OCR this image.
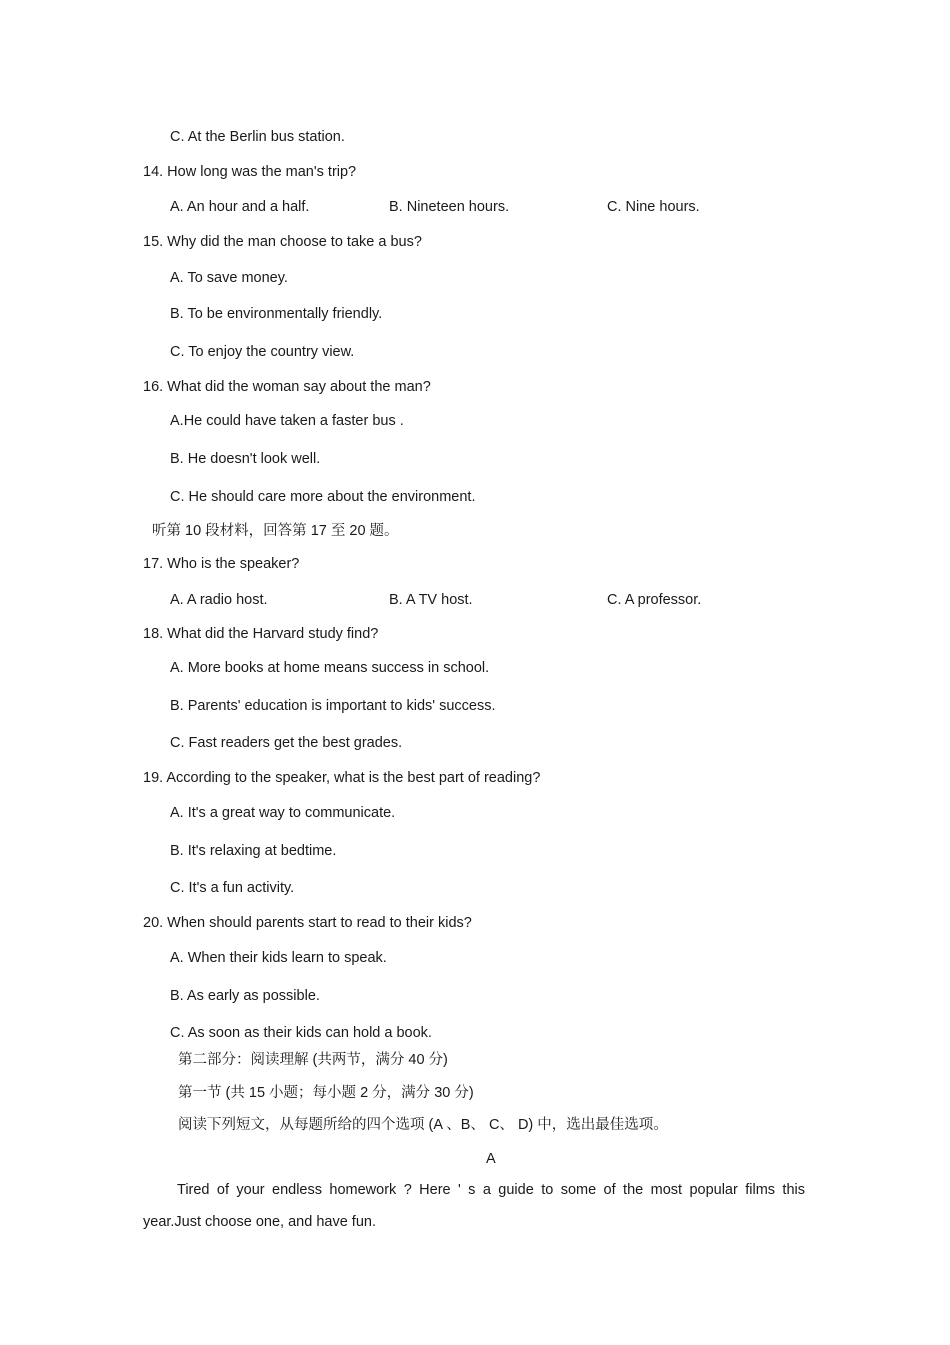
C. At the Berlin bus station.
14. How long was the man's trip?
A. An hour and a half.	B. Nineteen hours.	C. Nine hours.
15. Why did the man choose to take a bus?
A. To save money.
B. To be environmentally friendly.
C. To enjoy the country view.
16. What did the woman say about the man?
A.He could have taken a faster bus .
B. He doesn't look well.
C. He should care more about the environment.
听第 10 段材料，回答第 17 至 20 题。
17. Who is the speaker?
A. A radio host.	B. A TV host.	C. A professor.
18. What did the Harvard study find?
A. More books at home means success in school.
B. Parents' education is important to kids' success.
C. Fast readers get the best grades.
19. According to the speaker, what is the best part of reading?
A. It's a great way to communicate.
B. It's relaxing at bedtime.
C. It's a fun activity.
20. When should parents start to read to their kids?
A. When their kids learn to speak.
B. As early as possible.
C. As soon as their kids can hold a book.
第二部分：阅读理解 (共两节，满分 40 分)
第一节 (共 15 小题；每小题 2 分，满分 30 分)
阅读下列短文，从每题所给的四个选项 (A 、B、 C、 D) 中，选出最佳选项。
A
Tired of your endless homework ? Here ' s a guide to some of the most popular films this
year.Just choose one, and have fun.
